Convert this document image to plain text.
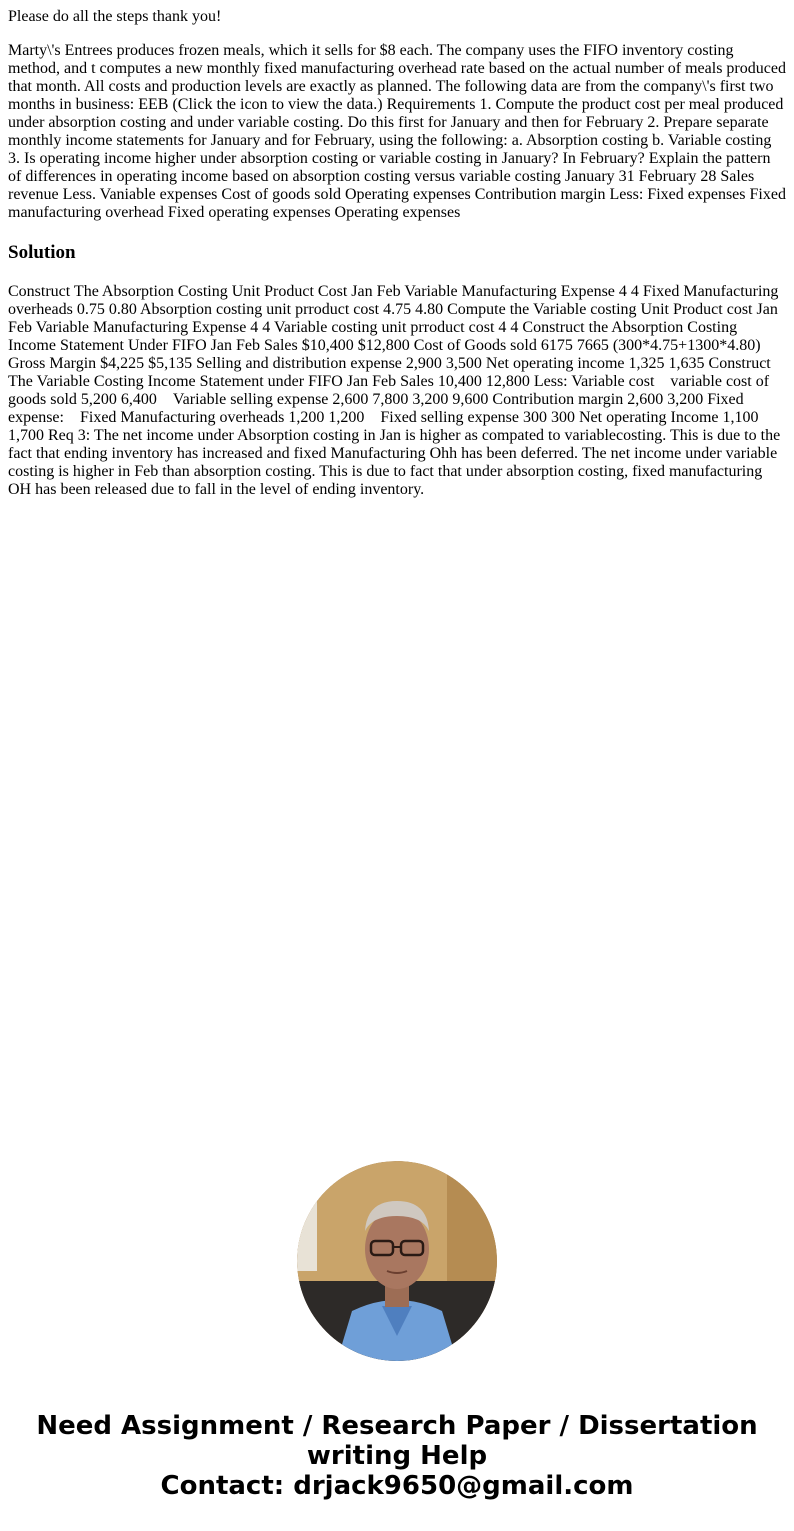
Please do all the steps thank you!

Marty\'s Entrees produces frozen meals, which it sells for $8 each. The company uses the FIFO inventory costing method, and t computes a new monthly fixed manufacturing overhead rate based on the actual number of meals produced that month. All costs and production levels are exactly as planned. The following data are from the company\'s first two months in business: EEB (Click the icon to view the data.) Requirements 1. Compute the product cost per meal produced under absorption costing and under variable costing. Do this first for January and then for February 2. Prepare separate monthly income statements for January and for February, using the following: a. Absorption costing b. Variable costing 3. Is operating income higher under absorption costing or variable costing in January? In February? Explain the pattern of differences in operating income based on absorption costing versus variable costing January 31 February 28 Sales revenue Less. Vaniable expenses Cost of goods sold Operating expenses Contribution margin Less: Fixed expenses Fixed manufacturing overhead Fixed operating expenses Operating expenses

Solution

Construct The Absorption Costing Unit Product Cost Jan Feb Variable Manufacturing Expense 4 4 Fixed Manufacturing overheads 0.75 0.80 Absorption costing unit prroduct cost 4.75 4.80 Compute the Variable costing Unit Product cost Jan Feb Variable Manufacturing Expense 4 4 Variable costing unit prroduct cost 4 4 Construct the Absorption Costing Income Statement Under FIFO Jan Feb Sales $10,400 $12,800 Cost of Goods sold 6175 7665 (300*4.75+1300*4.80) Gross Margin $4,225 $5,135 Selling and distribution expense 2,900 3,500 Net operating income 1,325 1,635 Construct The Variable Costing Income Statement under FIFO Jan Feb Sales 10,400 12,800 Less: Variable cost    variable cost of goods sold 5,200 6,400    Variable selling expense 2,600 7,800 3,200 9,600 Contribution margin 2,600 3,200 Fixed expense:    Fixed Manufacturing overheads 1,200 1,200    Fixed selling expense 300 300 Net operating Income 1,100 1,700 Req 3: The net income under Absorption costing in Jan is higher as compated to variablecosting. This is due to the fact that ending inventory has increased and fixed Manufacturing Ohh has been deferred. The net income under variable costing is higher in Feb than absorption costing. This is due to fact that under absorption costing, fixed manufacturing OH has been released due to fall in the level of ending inventory.

Need Assignment / Research Paper / Dissertation
writing Help
Contact: drjack9650@gmail.com
